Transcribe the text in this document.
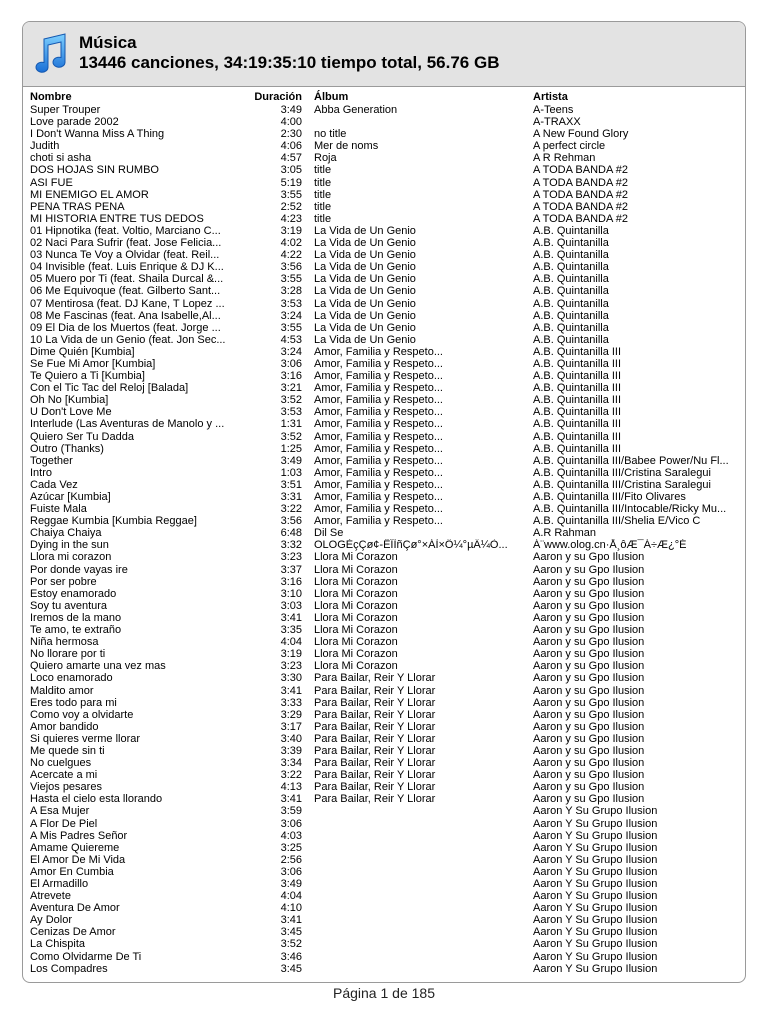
Música
13446 canciones, 34:19:35:10 tiempo total, 56.76 GB
Nombre	Duración Álbum	Artista
Super Trouper	3:49 Abba Generation	A-Teens
Love parade 2002	4:00	A-TRAXX
I Don't Wanna Miss A Thing	2:30 no title	A New Found Glory
Judith	4:06 Mer de noms	A perfect circle
choti si asha	4:57 Roja	A R Rehman
DOS HOJAS SIN RUMBO	3:05 title	A TODA BANDA #2
ASI FUE	5:19 title	A TODA BANDA #2
MI ENEMIGO EL AMOR	3:55 title	A TODA BANDA #2
PENA TRAS PENA	2:52 title	A TODA BANDA #2
MI HISTORIA ENTRE TUS DEDOS	4:23 title	A TODA BANDA #2
01 Hipnotika (feat. Voltio, Marciano C...	3:19 La Vida de Un Genio	A.B. Quintanilla
02 Naci Para Sufrir (feat. Jose Felicia...	4:02 La Vida de Un Genio	A.B. Quintanilla
03 Nunca Te Voy a Olvidar (feat. Reil...	4:22 La Vida de Un Genio	A.B. Quintanilla
04 Invisible (feat. Luis Enrique & DJ K...	3:56 La Vida de Un Genio	A.B. Quintanilla
05 Muero por Ti (feat. Shaila Durcal &...	3:55 La Vida de Un Genio	A.B. Quintanilla
06 Me Equivoque (feat. Gilberto Sant...	3:28 La Vida de Un Genio	A.B. Quintanilla
07 Mentirosa (feat. DJ Kane, T Lopez ...	3:53 La Vida de Un Genio	A.B. Quintanilla
08 Me Fascinas (feat. Ana Isabelle,Al...	3:24 La Vida de Un Genio	A.B. Quintanilla
09 El Dia de los Muertos (feat. Jorge ...	3:55 La Vida de Un Genio	A.B. Quintanilla
10 La Vida de un Genio (feat. Jon Sec...	4:53 La Vida de Un Genio	A.B. Quintanilla
Dime Quién [Kumbia]	3:24 Amor, Familia y Respeto...	A.B. Quintanilla III
Se Fue Mi Amor [Kumbia]	3:06 Amor, Familia y Respeto...	A.B. Quintanilla III
Te Quiero a Ti [Kumbia]	3:16 Amor, Familia y Respeto...	A.B. Quintanilla III
Con el Tic Tac del Reloj [Balada]	3:21 Amor, Familia y Respeto...	A.B. Quintanilla III
Oh No [Kumbia]	3:52 Amor, Familia y Respeto...	A.B. Quintanilla III
U Don't Love Me	3:53 Amor, Familia y Respeto...	A.B. Quintanilla III
Interlude (Las Aventuras de Manolo y ...	1:31 Amor, Familia y Respeto...	A.B. Quintanilla III
Quiero Ser Tu Dadda	3:52 Amor, Familia y Respeto...	A.B. Quintanilla III
Outro (Thanks)	1:25 Amor, Familia y Respeto...	A.B. Quintanilla III
Together	3:49 Amor, Familia y Respeto...	A.B. Quintanilla III/Babee Power/Nu Fl...
Intro	1:03 Amor, Familia y Respeto...	A.B. Quintanilla III/Cristina Saralegui
Cada Vez	3:51 Amor, Familia y Respeto...	A.B. Quintanilla III/Cristina Saralegui
Azúcar [Kumbia]	3:31 Amor, Familia y Respeto...	A.B. Quintanilla III/Fito Olivares
Fuiste Mala	3:22 Amor, Familia y Respeto...	A.B. Quintanilla III/Intocable/Ricky Mu...
Reggae Kumbia [Kumbia Reggae]	3:56 Amor, Familia y Respeto...	A.B. Quintanilla III/Shelia E/Vico C
Chaiya Chaiya	6:48 Dil Se	A.R Rahman
Dying in the sun	3:32 OLOGÈçÇø¢-ÊÎÌñÇø°×ÁÌ×Ô¼°µÄ¼Ò...	Á¨www.olog.cn·Å¸ôÆ¯Á÷Æ¿°É
Llora mi corazon	3:23 Llora Mi Corazon	Aaron y su Gpo Ilusion
Por donde vayas ire	3:37 Llora Mi Corazon	Aaron y su Gpo Ilusion
Por ser pobre	3:16 Llora Mi Corazon	Aaron y su Gpo Ilusion
Estoy enamorado	3:10 Llora Mi Corazon	Aaron y su Gpo Ilusion
Soy tu aventura	3:03 Llora Mi Corazon	Aaron y su Gpo Ilusion
Iremos de la mano	3:41 Llora Mi Corazon	Aaron y su Gpo Ilusion
Te amo, te extraño	3:35 Llora Mi Corazon	Aaron y su Gpo Ilusion
Niña hermosa	4:04 Llora Mi Corazon	Aaron y su Gpo Ilusion
No llorare por ti	3:19 Llora Mi Corazon	Aaron y su Gpo Ilusion
Quiero amarte una vez mas	3:23 Llora Mi Corazon	Aaron y su Gpo Ilusion
Loco enamorado	3:30 Para Bailar, Reir Y Llorar	Aaron y su Gpo Ilusion
Maldito amor	3:41 Para Bailar, Reir Y Llorar	Aaron y su Gpo Ilusion
Eres todo para mi	3:33 Para Bailar, Reir Y Llorar	Aaron y su Gpo Ilusion
Como voy a olvidarte	3:29 Para Bailar, Reir Y Llorar	Aaron y su Gpo Ilusion
Amor bandido	3:17 Para Bailar, Reir Y Llorar	Aaron y su Gpo Ilusion
Si quieres verme llorar	3:40 Para Bailar, Reir Y Llorar	Aaron y su Gpo Ilusion
Me quede sin ti	3:39 Para Bailar, Reir Y Llorar	Aaron y su Gpo Ilusion
No cuelgues	3:34 Para Bailar, Reir Y Llorar	Aaron y su Gpo Ilusion
Acercate a mi	3:22 Para Bailar, Reir Y Llorar	Aaron y su Gpo Ilusion
Viejos pesares	4:13 Para Bailar, Reir Y Llorar	Aaron y su Gpo Ilusion
Hasta el cielo esta llorando	3:41 Para Bailar, Reir Y Llorar	Aaron y su Gpo Ilusion
A Esa Mujer	3:59	Aaron Y Su Grupo Ilusion
A Flor De Piel	3:06	Aaron Y Su Grupo Ilusion
A Mis Padres Señor	4:03	Aaron Y Su Grupo Ilusion
Amame Quiereme	3:25	Aaron Y Su Grupo Ilusion
El Amor De Mi Vida	2:56	Aaron Y Su Grupo Ilusion
Amor En Cumbia	3:06	Aaron Y Su Grupo Ilusion
El Armadillo	3:49	Aaron Y Su Grupo Ilusion
Atrevete	4:04	Aaron Y Su Grupo Ilusion
Aventura De Amor	4:10	Aaron Y Su Grupo Ilusion
Ay Dolor	3:41	Aaron Y Su Grupo Ilusion
Cenizas De Amor	3:45	Aaron Y Su Grupo Ilusion
La Chispita	3:52	Aaron Y Su Grupo Ilusion
Como Olvidarme De Ti	3:46	Aaron Y Su Grupo Ilusion
Los Compadres	3:45	Aaron Y Su Grupo Ilusion
Página 1 de 185
